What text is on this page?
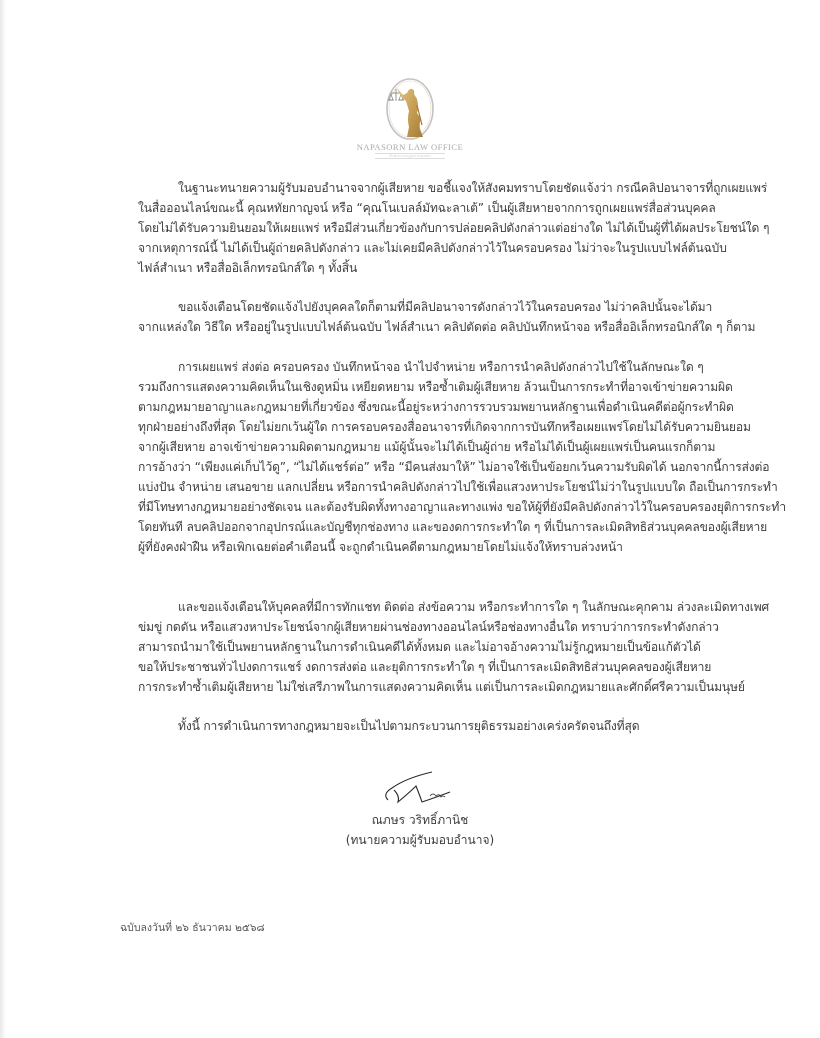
NAPASORN LAW OFFICE
สำนักงานกฎหมายนภสร
ในฐานะทนายความผู้รับมอบอำนาจจากผู้เสียหาย ขอชี้แจงให้สังคมทราบโดยชัดแจ้งว่า กรณีคลิปอนาจารที่ถูกเผยแพร่
ในสื่อออนไลน์ขณะนี้ คุณหทัยกาญจน์ หรือ “คุณโนเบลล์มัทฉะลาเต้” เป็นผู้เสียหายจากการถูกเผยแพร่สื่อส่วนบุคคล
โดยไม่ได้รับความยินยอมให้เผยแพร่ หรือมีส่วนเกี่ยวข้องกับการปล่อยคลิปดังกล่าวแต่อย่างใด ไม่ได้เป็นผู้ที่ได้ผลประโยชน์ใด ๆ
จากเหตุการณ์นี้ ไม่ได้เป็นผู้ถ่ายคลิปดังกล่าว และไม่เคยมีคลิปดังกล่าวไว้ในครอบครอง ไม่ว่าจะในรูปแบบไฟล์ต้นฉบับ
ไฟล์สำเนา หรือสื่ออิเล็กทรอนิกส์ใด ๆ ทั้งสิ้น
ขอแจ้งเตือนโดยชัดแจ้งไปยังบุคคลใดก็ตามที่มีคลิปอนาจารดังกล่าวไว้ในครอบครอง ไม่ว่าคลิปนั้นจะได้มา
จากแหล่งใด วิธีใด หรืออยู่ในรูปแบบไฟล์ต้นฉบับ ไฟล์สำเนา คลิปตัดต่อ คลิปบันทึกหน้าจอ หรือสื่ออิเล็กทรอนิกส์ใด ๆ ก็ตาม
การเผยแพร่ ส่งต่อ ครอบครอง บันทึกหน้าจอ นำไปจำหน่าย หรือการนำคลิปดังกล่าวไปใช้ในลักษณะใด ๆ
รวมถึงการแสดงความคิดเห็นในเชิงดูหมิ่น เหยียดหยาม หรือซ้ำเติมผู้เสียหาย ล้วนเป็นการกระทำที่อาจเข้าข่ายความผิด
ตามกฎหมายอาญาและกฎหมายที่เกี่ยวข้อง ซึ่งขณะนี้อยู่ระหว่างการรวบรวมพยานหลักฐานเพื่อดำเนินคดีต่อผู้กระทำผิด
ทุกฝ่ายอย่างถึงที่สุด โดยไม่ยกเว้นผู้ใด การครอบครองสื่ออนาจารที่เกิดจากการบันทึกหรือเผยแพร่โดยไม่ได้รับความยินยอม
จากผู้เสียหาย อาจเข้าข่ายความผิดตามกฎหมาย แม้ผู้นั้นจะไม่ได้เป็นผู้ถ่าย หรือไม่ได้เป็นผู้เผยแพร่เป็นคนแรกก็ตาม
การอ้างว่า “เพียงแค่เก็บไว้ดู”, “ไม่ได้แชร์ต่อ” หรือ “มีคนส่งมาให้” ไม่อาจใช้เป็นข้อยกเว้นความรับผิดได้ นอกจากนี้การส่งต่อ
แบ่งปัน จำหน่าย เสนอขาย แลกเปลี่ยน หรือการนำคลิปดังกล่าวไปใช้เพื่อแสวงหาประโยชน์ไม่ว่าในรูปแบบใด ถือเป็นการกระทำ
ที่มีโทษทางกฎหมายอย่างชัดเจน และต้องรับผิดทั้งทางอาญาและทางแพ่ง ขอให้ผู้ที่ยังมีคลิปดังกล่าวไว้ในครอบครองยุติการกระทำ
โดยทันที ลบคลิปออกจากอุปกรณ์และบัญชีทุกช่องทาง และของดการกระทำใด ๆ ที่เป็นการละเมิดสิทธิส่วนบุคคลของผู้เสียหาย
ผู้ที่ยังคงฝ่าฝืน หรือเพิกเฉยต่อคำเตือนนี้ จะถูกดำเนินคดีตามกฎหมายโดยไม่แจ้งให้ทราบล่วงหน้า
และขอแจ้งเตือนให้บุคคลที่มีการทักแชท ติดต่อ ส่งข้อความ หรือกระทำการใด ๆ ในลักษณะคุกคาม ล่วงละเมิดทางเพศ
ข่มขู่ กดดัน หรือแสวงหาประโยชน์จากผู้เสียหายผ่านช่องทางออนไลน์หรือช่องทางอื่นใด ทราบว่าการกระทำดังกล่าว
สามารถนำมาใช้เป็นพยานหลักฐานในการดำเนินคดีได้ทั้งหมด และไม่อาจอ้างความไม่รู้กฎหมายเป็นข้อแก้ตัวได้
ขอให้ประชาชนทั่วไปงดการแชร์ งดการส่งต่อ และยุติการกระทำใด ๆ ที่เป็นการละเมิดสิทธิส่วนบุคคลของผู้เสียหาย
การกระทำซ้ำเติมผู้เสียหาย ไม่ใช่เสรีภาพในการแสดงความคิดเห็น แต่เป็นการละเมิดกฎหมายและศักดิ์ศรีความเป็นมนุษย์
ทั้งนี้ การดำเนินการทางกฎหมายจะเป็นไปตามกระบวนการยุติธรรมอย่างเคร่งครัดจนถึงที่สุด
ณภษร วริทธิ์ภานิช
(ทนายความผู้รับมอบอำนาจ)
ฉบับลงวันที่ ๒๖ ธันวาคม ๒๕๖๘
